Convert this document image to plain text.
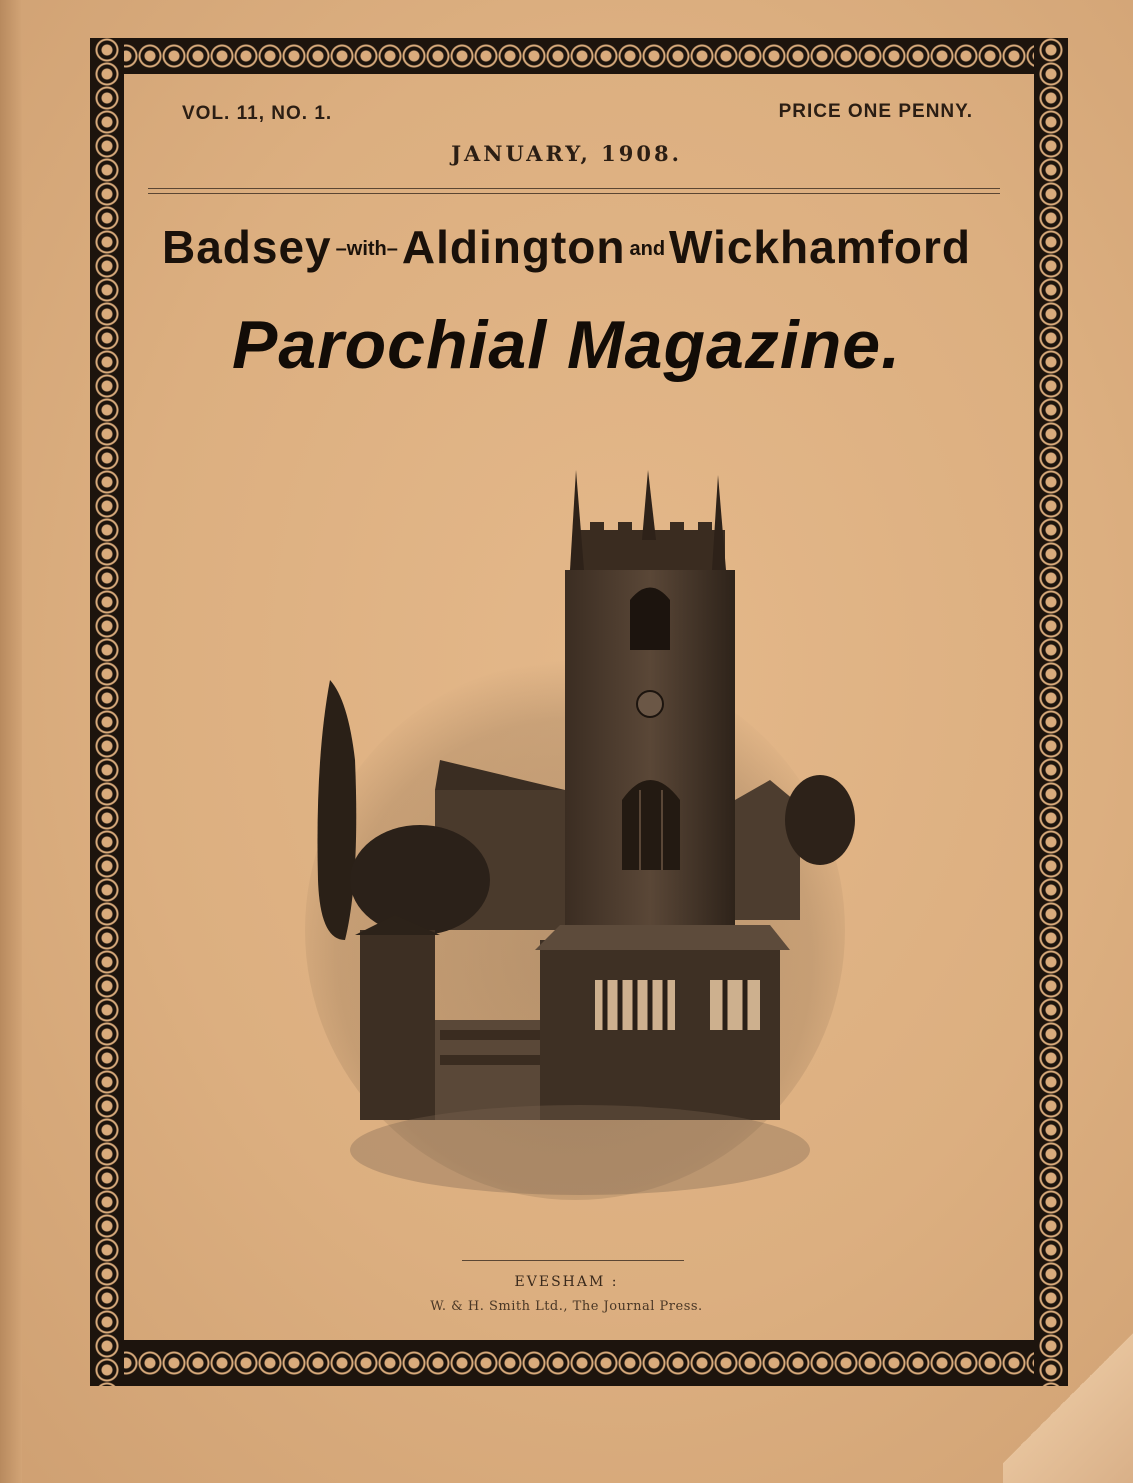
VOL. 11, NO. 1.	PRICE ONE PENNY.
JANUARY, 1908.
Badsey –with–Aldington andWickhamford
Parochial Magazine.
EVESHAM :
W. & H. Smith Ltd., The Journal Press.
